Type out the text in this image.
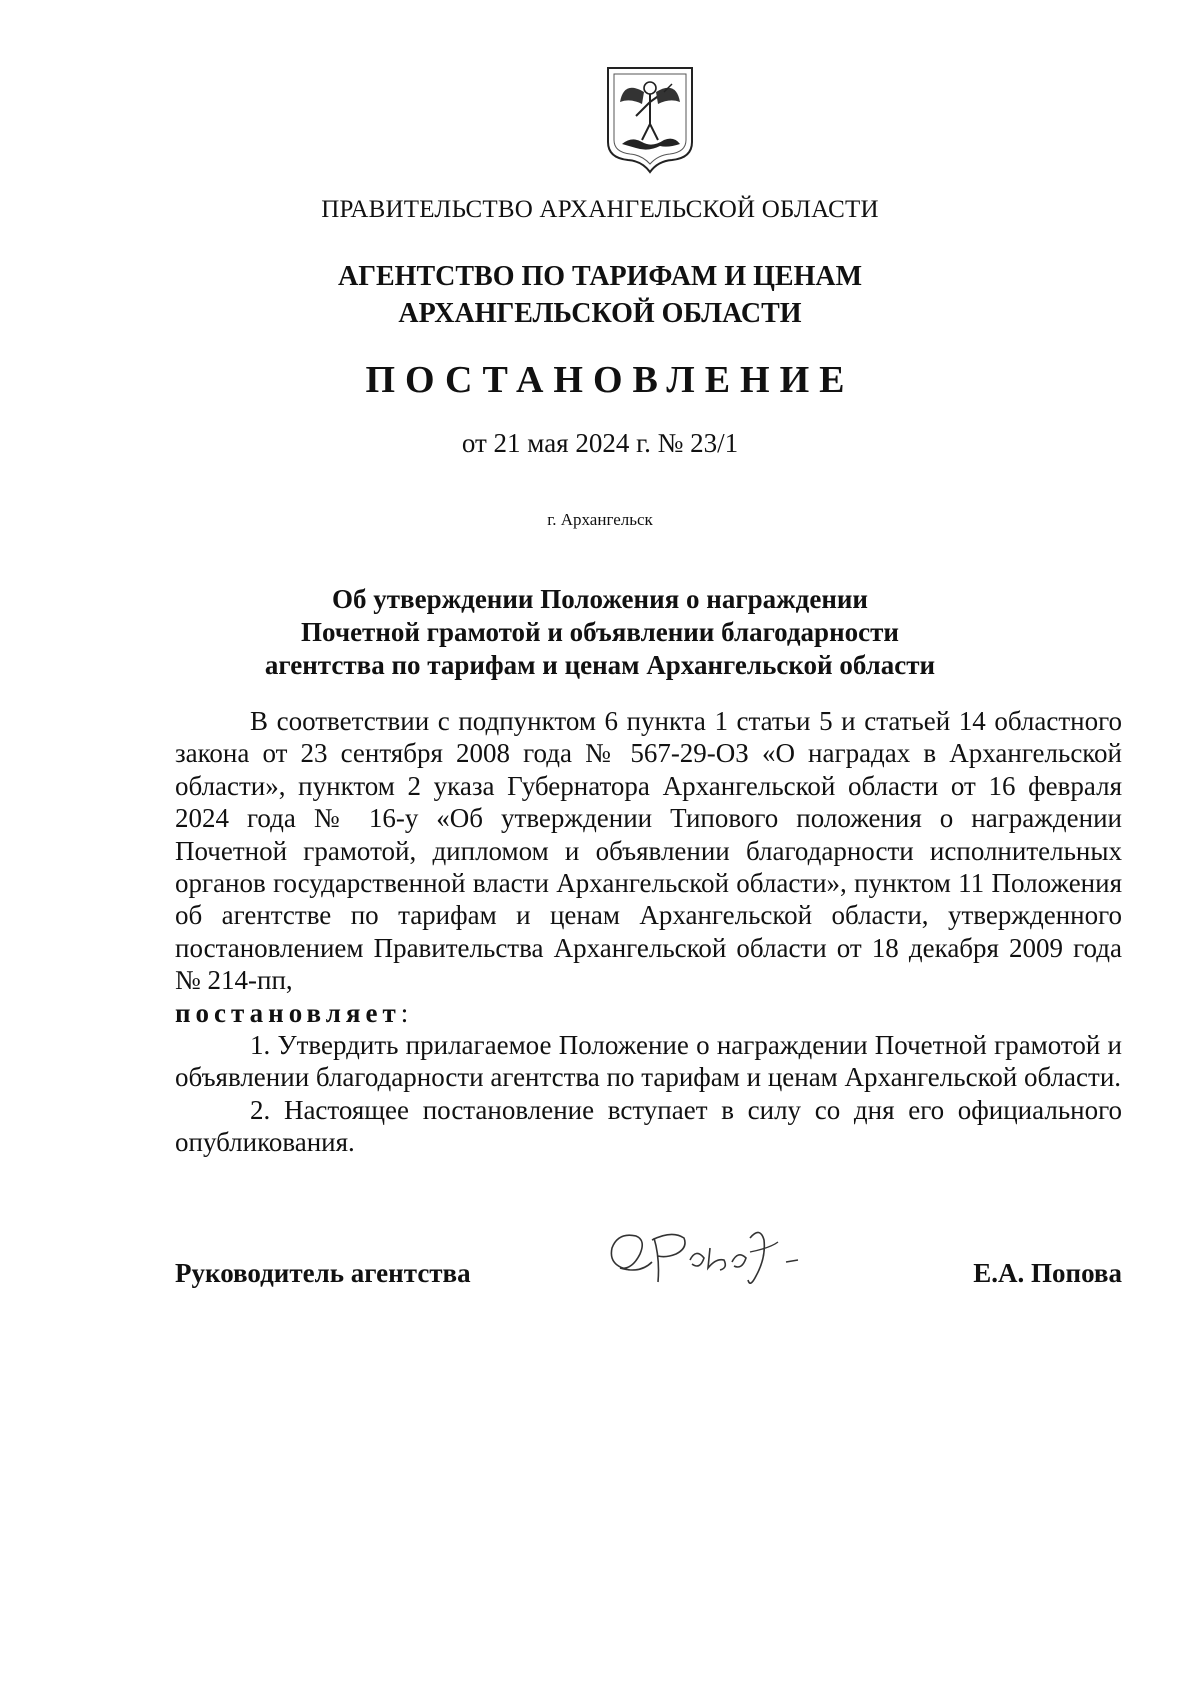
ПРАВИТЕЛЬСТВО АРХАНГЕЛЬСКОЙ ОБЛАСТИ
АГЕНТСТВО ПО ТАРИФАМ И ЦЕНАМ
АРХАНГЕЛЬСКОЙ ОБЛАСТИ
ПОСТАНОВЛЕНИЕ
от 21 мая 2024 г. № 23/1
г. Архангельск
Об утверждении Положения о награждении
Почетной грамотой и объявлении благодарности
агентства по тарифам и ценам Архангельской области

В соответствии с подпунктом 6 пункта 1 статьи 5 и статьей 14 областного закона от 23 сентября 2008 года № 567-29-ОЗ «О наградах в Архангельской области», пунктом 2 указа Губернатора Архангельской области от 16 февраля 2024 года № 16-у «Об утверждении Типового положения о награждении Почетной грамотой, дипломом и объявлении благодарности исполнительных органов государственной власти Архангельской области», пунктом 11 Положения об агентстве по тарифам и ценам Архангельской области, утвержденного постановлением Правительства Архангельской области от 18 декабря 2009 года № 214-пп,
постановляет:

1. Утвердить прилагаемое Положение о награждении Почетной грамотой и объявлении благодарности агентства по тарифам и ценам Архангельской области.

2. Настоящее постановление вступает в силу со дня его официального опубликования.

Руководитель агентства	Е.А. Попова
